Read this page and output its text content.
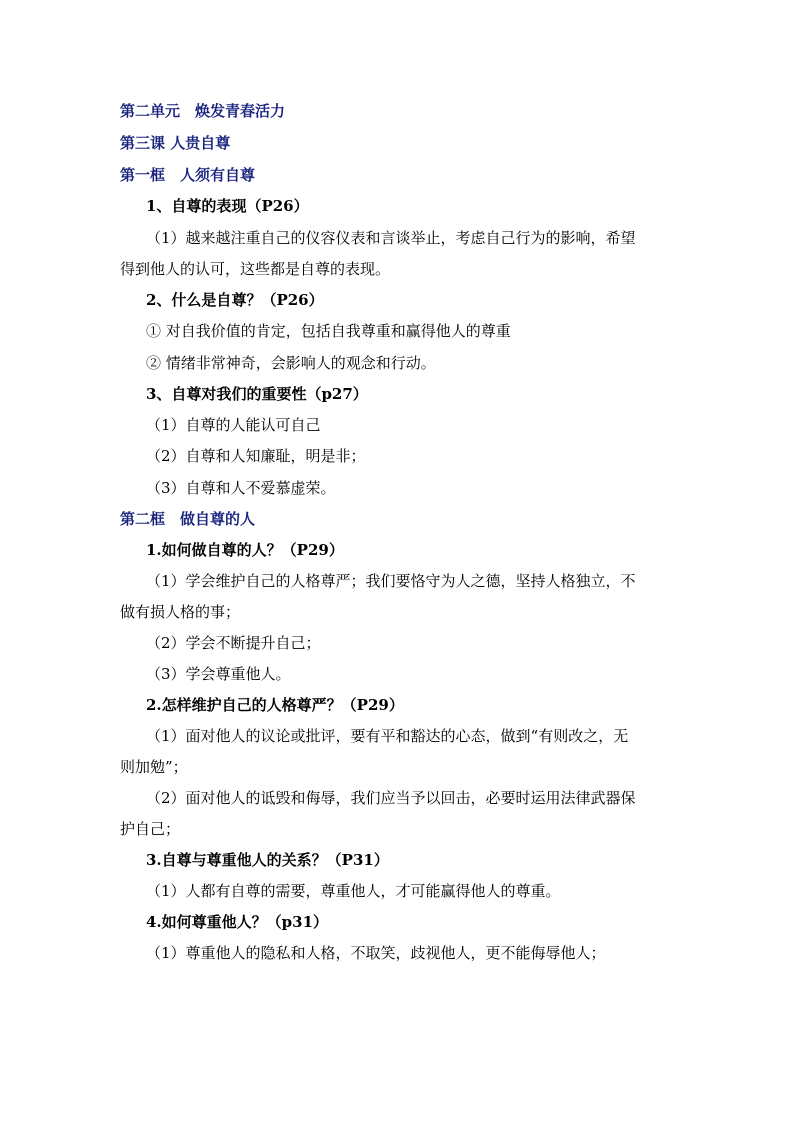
第二单元　焕发青春活力
第三课 人贵自尊
第一框　人须有自尊
1、自尊的表现（P26）
（1）越来越注重自己的仪容仪表和言谈举止，考虑自己行为的影响，希望
得到他人的认可，这些都是自尊的表现。
2、什么是自尊？（P26）
① 对自我价值的肯定，包括自我尊重和赢得他人的尊重
② 情绪非常神奇，会影响人的观念和行动。
3、自尊对我们的重要性（p27）
（1）自尊的人能认可自己
（2）自尊和人知廉耻，明是非；
（3）自尊和人不爱慕虚荣。
第二框　做自尊的人
1.如何做自尊的人？（P29）
（1）学会维护自己的人格尊严；我们要恪守为人之德，坚持人格独立，不
做有损人格的事；
（2）学会不断提升自己；
（3）学会尊重他人。
2.怎样维护自己的人格尊严？（P29）
（1）面对他人的议论或批评，要有平和豁达的心态，做到“有则改之，无
则加勉”；
（2）面对他人的诋毁和侮辱，我们应当予以回击，必要时运用法律武器保
护自己；
3.自尊与尊重他人的关系？（P31）
（1）人都有自尊的需要，尊重他人，才可能赢得他人的尊重。
4.如何尊重他人？（p31）
（1）尊重他人的隐私和人格，不取笑，歧视他人，更不能侮辱他人；
